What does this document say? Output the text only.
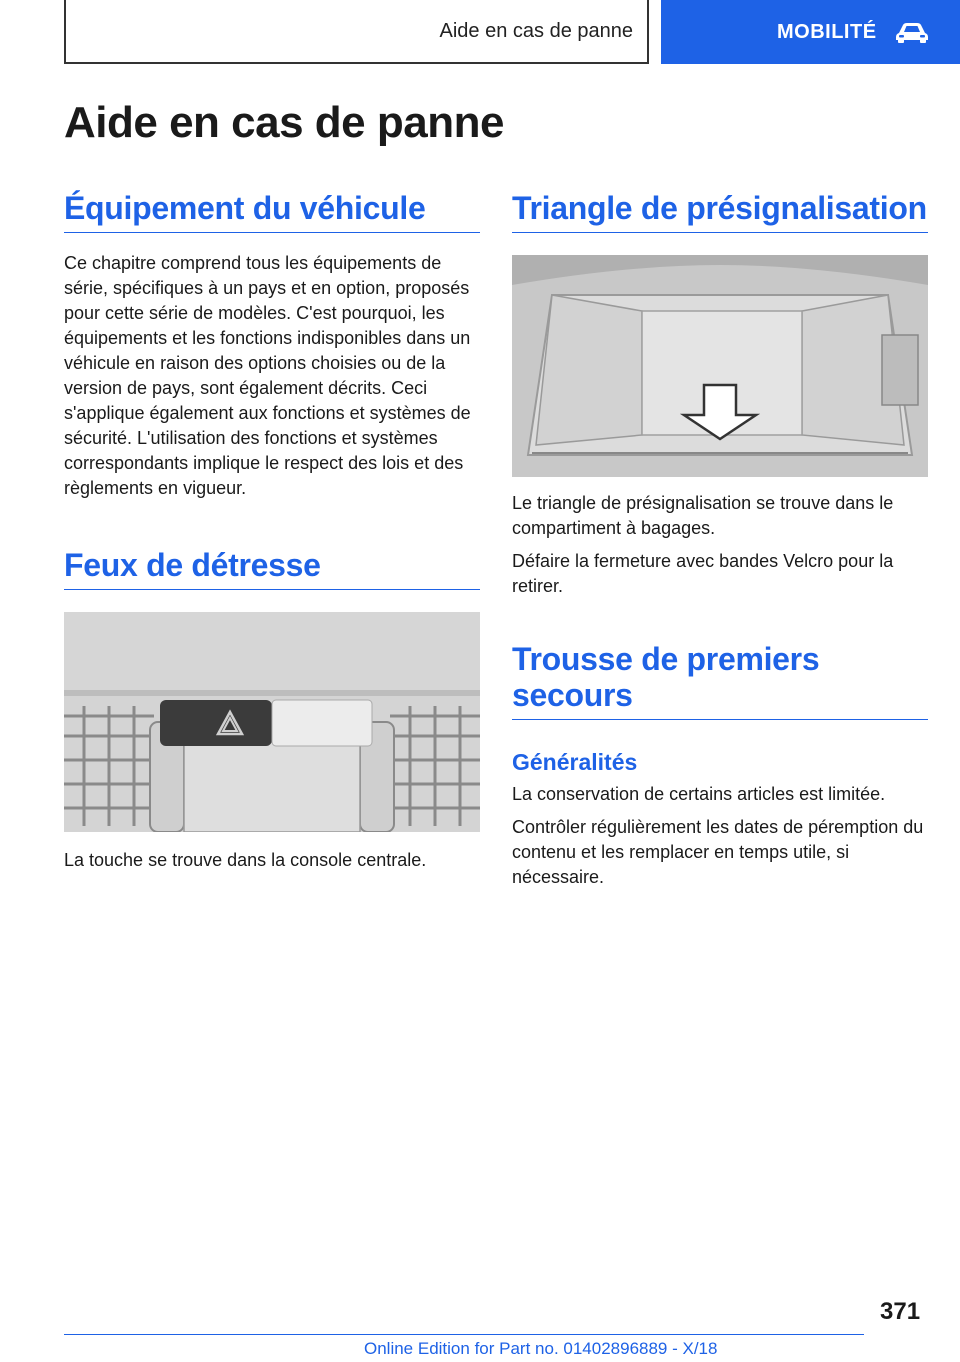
Aide en cas de panne	MOBILITÉ
Aide en cas de panne
Équipement du véhicule

Ce chapitre comprend tous les équipements de série, spécifiques à un pays et en option, proposés pour cette série de modèles. C'est pourquoi, les équipements et les fonctions indisponibles dans un véhicule en raison des options choisies ou de la version de pays, sont également décrits. Ceci s'applique également aux fonctions et systèmes de sécurité. L'utilisation des fonctions et systèmes correspondants implique le respect des lois et des règlements en vigueur.

Feux de détresse

La touche se trouve dans la console centrale.

Triangle de présignalisation

Le triangle de présignalisation se trouve dans le compartiment à bagages.

Défaire la fermeture avec bandes Velcro pour la retirer.

Trousse de premiers secours
Généralités

La conservation de certains articles est limitée.

Contrôler régulièrement les dates de péremption du contenu et les remplacer en temps utile, si nécessaire.

371
Online Edition for Part no. 01402896889 - X/18
